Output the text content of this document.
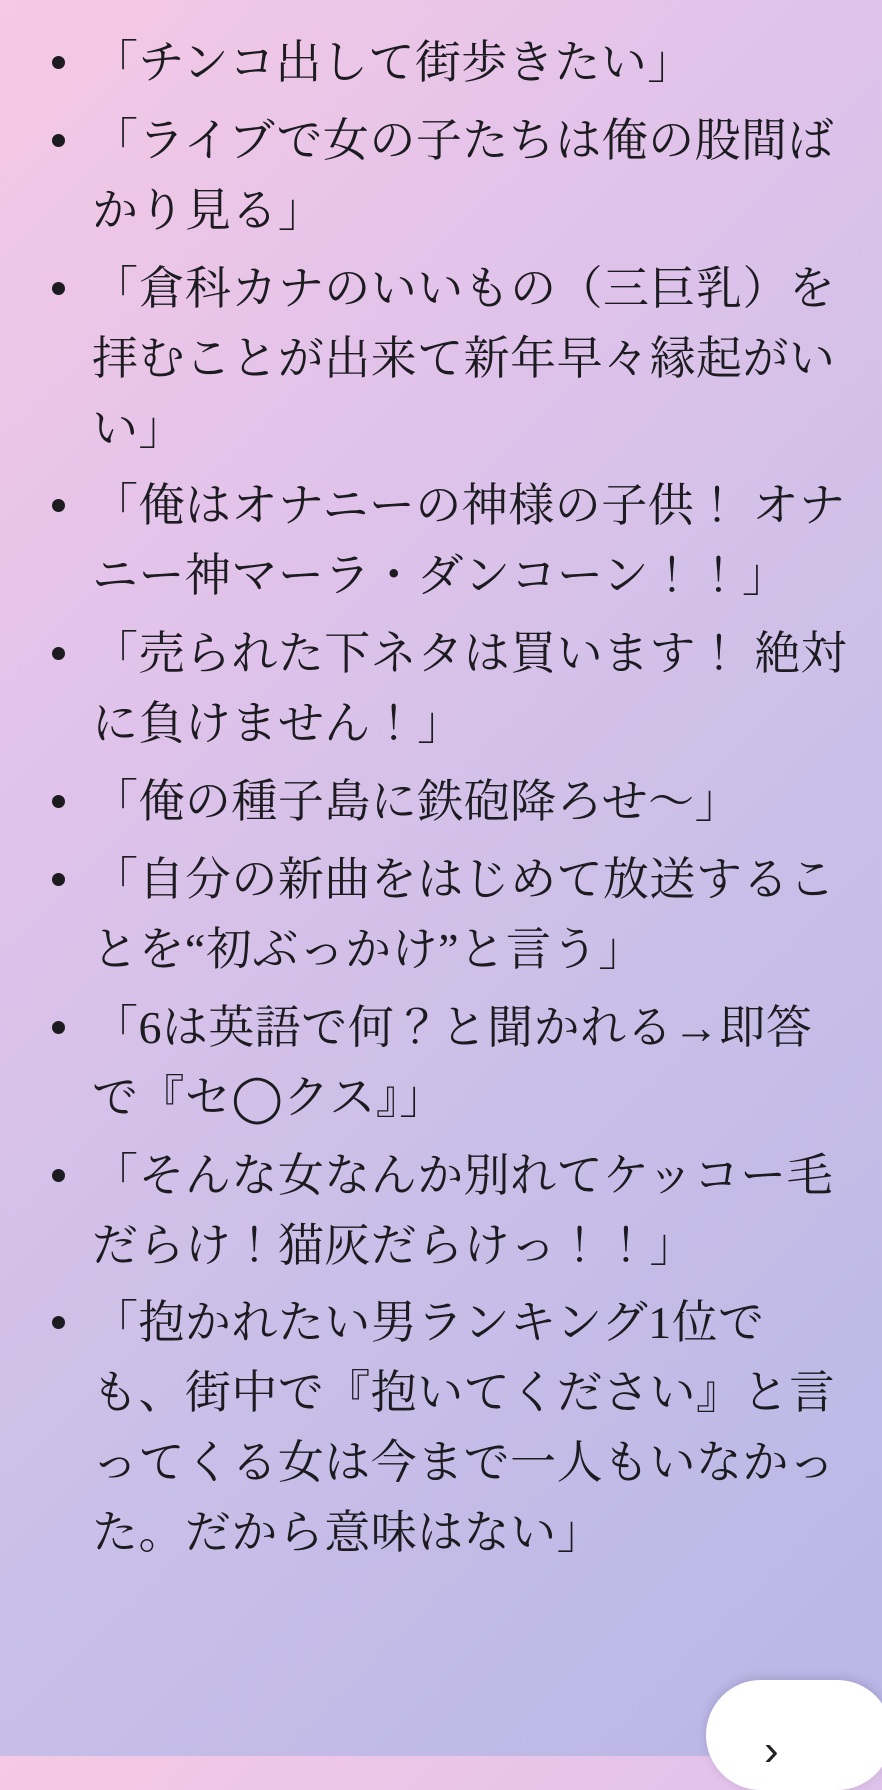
「チンコ出して街歩きたい」
「ライブで女の子たちは俺の股間ばかり見る」
「倉科カナのいいもの（三巨乳）を拝むことが出来て新年早々縁起がいい」
「俺はオナニーの神様の子供！ オナニー神マーラ・ダンコーン！！」
「売られた下ネタは買います！ 絶対に負けません！」
「俺の種子島に鉄砲降ろせ〜」
「自分の新曲をはじめて放送することを“初ぶっかけ”と言う」
「6は英語で何？と聞かれる→即答で『セ◯クス』」
「そんな女なんか別れてケッコー毛だらけ！猫灰だらけっ！！」
「抱かれたい男ランキング1位でも、街中で『抱いてください』と言ってくる女は今まで一人もいなかった。だから意味はない」
›
